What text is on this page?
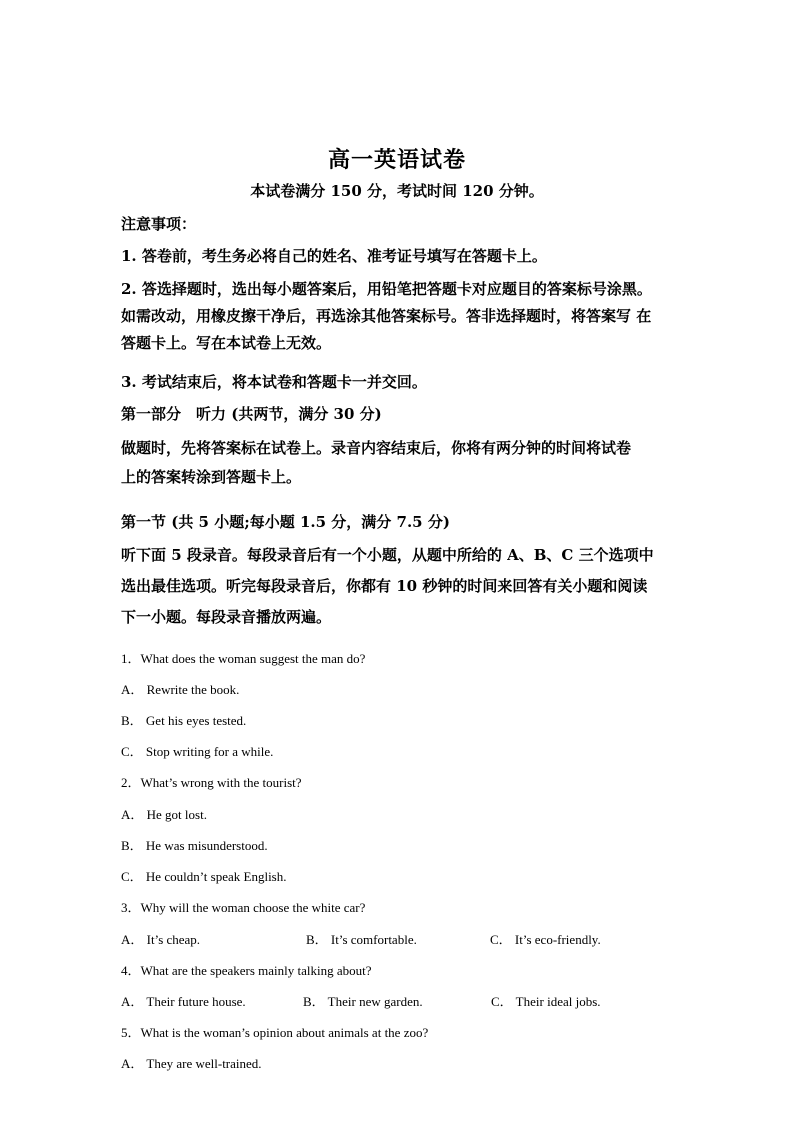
高一英语试卷
本试卷满分 150 分，考试时间 120 分钟。
注意事项：
1. 答卷前，考生务必将自己的姓名、准考证号填写在答题卡上。
2. 答选择题时，选出每小题答案后，用铅笔把答题卡对应题目的答案标号涂黑。
如需改动，用橡皮擦干净后，再选涂其他答案标号。答非选择题时，将答案写 在
答题卡上。写在本试卷上无效。
3. 考试结束后，将本试卷和答题卡一并交回。
第一部分　听力 (共两节，满分 30 分)
做题时，先将答案标在试卷上。录音内容结束后，你将有两分钟的时间将试卷
上的答案转涂到答题卡上。
第一节 (共 5 小题;每小题 1.5 分，满分 7.5 分)
听下面 5 段录音。每段录音后有一个小题，从题中所给的 A、B、C 三个选项中
选出最佳选项。听完每段录音后，你都有 10 秒钟的时间来回答有关小题和阅读
下一小题。每段录音播放两遍。
1．What does the woman suggest the man do?
A． Rewrite the book.
B． Get his eyes tested.
C． Stop writing for a while.
2．What’s wrong with the tourist?
A． He got lost.
B． He was misunderstood.
C． He couldn’t speak English.
3．Why will the woman choose the white car?
A． It’s cheap.	B． It’s comfortable.	C． It’s eco-friendly.
4．What are the speakers mainly talking about?
A． Their future house.	B． Their new garden.	C． Their ideal jobs.
5．What is the woman’s opinion about animals at the zoo?
A． They are well-trained.
